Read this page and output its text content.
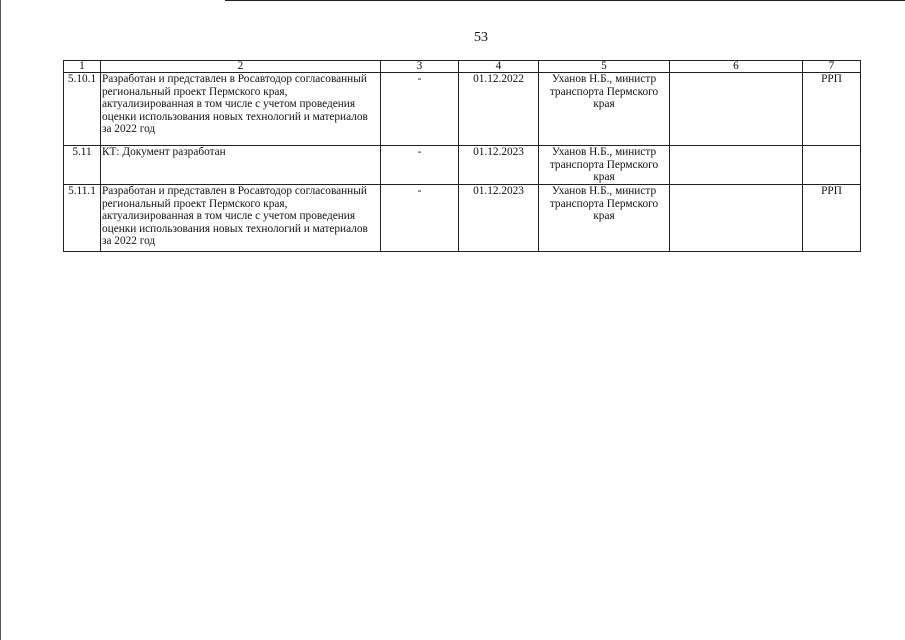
53
1	2	3	4	5	6	7
5.10.1	Разработан и представлен в Росавтодор согласованный региональный проект Пермского края, актуализированная в том числе с учетом проведения оценки использования новых технологий и материалов за 2022 год	-	01.12.2022	Уханов Н.Б., министр транспорта Пермского края		РРП
5.11	КТ: Документ разработан	-	01.12.2023	Уханов Н.Б., министр транспорта Пермского края		
5.11.1	Разработан и представлен в Росавтодор согласованный региональный проект Пермского края, актуализированная в том числе с учетом проведения оценки использования новых технологий и материалов за 2022 год	-	01.12.2023	Уханов Н.Б., министр транспорта Пермского края		РРП
